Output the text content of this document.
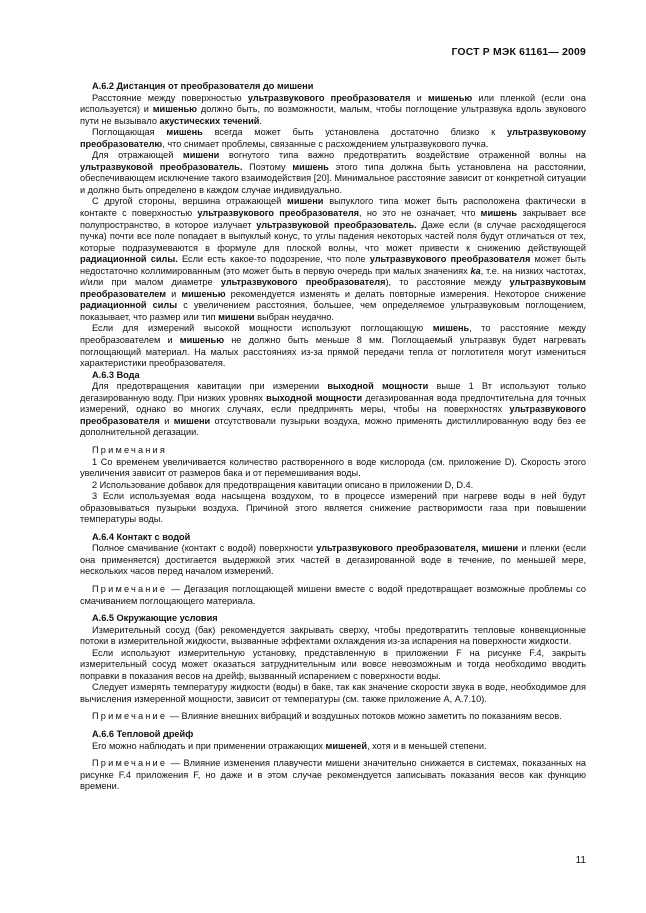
ГОСТ Р МЭК 61161— 2009
А.6.2 Дистанция от преобразователя до мишени

Расстояние между поверхностью ультразвукового преобразователя и мишенью или пленкой (если она используется) и мишенью должно быть, по возможности, малым, чтобы поглощение ультразвука вдоль звукового пути не вызывало акустических течений.

Поглощающая мишень всегда может быть установлена достаточно близко к ультразвуковому преобразователю, что снимает проблемы, связанные с расхождением ультразвукового пучка.

Для отражающей мишени вогнутого типа важно предотвратить воздействие отраженной волны на ультразвуковой преобразователь. Поэтому мишень этого типа должна быть установлена на расстоянии, обеспечивающем исключение такого взаимодействия [20]. Минимальное расстояние зависит от конкретной ситуации и должно быть определено в каждом случае индивидуально.

С другой стороны, вершина отражающей мишени выпуклого типа может быть расположена фактически в контакте с поверхностью ультразвукового преобразователя, но это не означает, что мишень закрывает все полупространство, в которое излучает ультразвуковой преобразователь. Даже если (в случае расходящегося пучка) почти все поле попадает в выпуклый конус, то углы падения некоторых частей поля будут отличаться от тех, которые подразумеваются в формуле для плоской волны, что может привести к снижению действующей радиационной силы. Если есть какое-то подозрение, что поле ультразвукового преобразователя может быть недостаточно коллимированным (это может быть в первую очередь при малых значениях ka, т.е. на низких частотах, и/или при малом диаметре ультразвукового преобразователя), то расстояние между ультразвуковым преобразователем и мишенью рекомендуется изменять и делать повторные измерения. Некоторое снижение радиационной силы с увеличением расстояния, большее, чем определяемое ультразвуковым поглощением, показывает, что размер или тип мишени выбран неудачно.

Если для измерений высокой мощности используют поглощающую мишень, то расстояние между преобразователем и мишенью не должно быть меньше 8 мм. Поглощаемый ультразвук будет нагревать поглощающий материал. На малых расстояниях из-за прямой передачи тепла от поглотителя могут измениться характеристики преобразователя.

А.6.3 Вода

Для предотвращения кавитации при измерении выходной мощности выше 1 Вт используют только дегазированную воду. При низких уровнях выходной мощности дегазированная вода предпочтительна для точных измерений, однако во многих случаях, если предпринять меры, чтобы на поверхностях ультразвукового преобразователя и мишени отсутствовали пузырьки воздуха, можно применять дистиллированную воду без ее дополнительной дегазации.

Примечания

1 Со временем увеличивается количество растворенного в воде кислорода (см. приложение D). Скорость этого увеличения зависит от размеров бака и от перемешивания воды.

2 Использование добавок для предотвращения кавитации описано в приложении D, D.4.

3 Если используемая вода насыщена воздухом, то в процессе измерений при нагреве воды в ней будут образовываться пузырьки воздуха. Причиной этого является снижение растворимости газа при повышении температуры воды.

А.6.4 Контакт с водой

Полное смачивание (контакт с водой) поверхности ультразвукового преобразователя, мишени и пленки (если она применяется) достигается выдержкой этих частей в дегазированной воде в течение, по меньшей мере, нескольких часов перед началом измерений.

Примечание — Дегазация поглощающей мишени вместе с водой предотвращает возможные проблемы со смачиванием поглощающего материала.

А.6.5 Окружающие условия

Измерительный сосуд (бак) рекомендуется закрывать сверху, чтобы предотвратить тепловые конвекционные потоки в измерительной жидкости, вызванные эффектами охлаждения из-за испарения на поверхности жидкости.

Если используют измерительную установку, представленную в приложении F на рисунке F.4, закрыть измерительный сосуд может оказаться затруднительным или вовсе невозможным и тогда необходимо вводить поправки в показания весов на дрейф, вызванный испарением с поверхности воды.

Следует измерять температуру жидкости (воды) в баке, так как значение скорости звука в воде, необходимое для вычисления измеренной мощности, зависит от температуры (см. также приложение А, А.7.10).

Примечание — Влияние внешних вибраций и воздушных потоков можно заметить по показаниям весов.

А.6.6 Тепловой дрейф

Его можно наблюдать и при применении отражающих мишеней, хотя и в меньшей степени.

Примечание — Влияние изменения плавучести мишени значительно снижается в системах, показанных на рисунке F.4 приложения F, но даже и в этом случае рекомендуется записывать показания весов как функцию времени.

11
